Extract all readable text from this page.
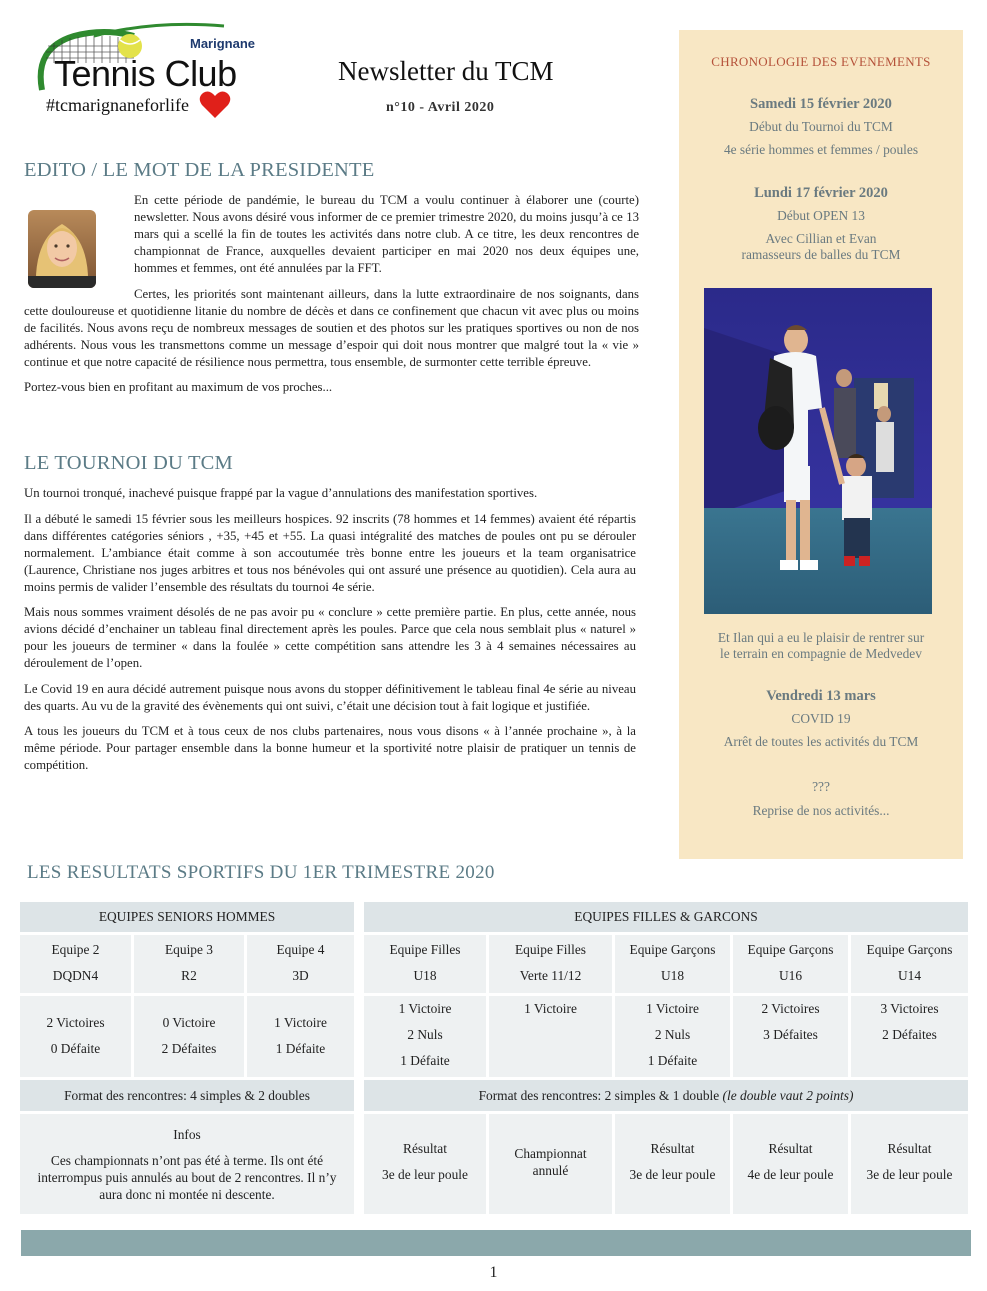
Marignane
Tennis Club
#tcmarignaneforlife
Newsletter du TCM
n°10 - Avril 2020
EDITO / LE MOT DE LA PRESIDENTE

En cette période de pandémie, le bureau du TCM a voulu continuer à élaborer une (courte) newsletter. Nous avons désiré vous informer de ce premier trimestre 2020, du moins jusqu’à ce 13 mars qui a scellé la fin de toutes les activités dans notre club. A ce titre, les deux rencontres de championnat de France, auxquelles devaient participer en mai 2020 nos deux équipes une, hommes et femmes, ont été annulées par la FFT.

Certes, les priorités sont maintenant ailleurs, dans la lutte extraordinaire de nos soignants, dans cette douloureuse et quotidienne litanie du nombre de décès et dans ce confinement que chacun vit avec plus ou moins de facilités. Nous avons reçu de nombreux messages de soutien et des photos sur les pratiques sportives ou non de nos adhérents. Nous vous les transmettons comme un message d’espoir qui doit nous montrer que malgré tout la « vie » continue et que notre capacité de résilience nous permettra, tous ensemble, de surmonter cette terrible épreuve.

Portez-vous bien en profitant au maximum de vos proches...

LE TOURNOI DU TCM

Un tournoi tronqué, inachevé puisque frappé par la vague d’annulations des manifestation sportives.

Il a débuté le samedi 15 février sous les meilleurs hospices. 92 inscrits (78 hommes et 14 femmes) avaient été répartis dans différentes catégories séniors , +35, +45 et +55. La quasi intégralité des matches de poules ont pu se dérouler normalement. L’ambiance était comme à son accoutumée très bonne entre les joueurs et la team organisatrice (Laurence, Christiane nos juges arbitres et tous nos bénévoles qui ont assuré une présence au quotidien). Cela aura au moins permis de valider l’ensemble des résultats du tournoi 4e série.

Mais nous sommes vraiment désolés de ne pas avoir pu « conclure » cette première partie. En plus, cette année, nous avions décidé d’enchainer un tableau final directement après les poules. Parce que cela nous semblait plus « naturel » pour les joueurs de terminer « dans la foulée » cette compétition sans attendre les 3 à 4 semaines nécessaires au déroulement de l’open.

Le Covid 19 en aura décidé autrement puisque nous avons du stopper définitivement le tableau final 4e série au niveau des quarts. Au vu de la gravité des évènements qui ont suivi, c’était une décision tout à fait logique et justifiée.

A tous les joueurs du TCM et à tous ceux de nos clubs partenaires, nous vous disons « à l’année prochaine », à la même période. Pour partager ensemble dans la bonne humeur et la sportivité notre plaisir de pratiquer un tennis de compétition.

CHRONOLOGIE DES EVENEMENTS
Samedi 15 février 2020
Début du Tournoi du TCM
4e série hommes et femmes / poules
Lundi 17 février 2020
Début OPEN 13
Avec Cillian et Evan
ramasseurs de balles du TCM
Et Ilan qui a eu le plaisir de rentrer sur
le terrain en compagnie de Medvedev
Vendredi 13 mars
COVID 19
Arrêt de toutes les activités du TCM
???
Reprise de nos activités...
LES RESULTATS SPORTIFS DU 1ER TRIMESTRE 2020
EQUIPES SENIORS HOMMES
Equipe 2
DQDN4
Equipe 3
R2
Equipe 4
3D
2 Victoires
0 Défaite
0 Victoire
2 Défaites
1 Victoire
1 Défaite
Format des rencontres: 4 simples & 2 doubles
Infos
Ces championnats n’ont pas été à terme. Ils ont été interrompus puis annulés au bout de 2 rencontres. Il n’y aura donc ni montée ni descente.
EQUIPES FILLES & GARCONS
Equipe Filles
U18
Equipe Filles
Verte 11/12
Equipe Garçons
U18
Equipe Garçons
U16
Equipe Garçons
U14
1 Victoire
2 Nuls
1 Défaite
1 Victoire	1 Victoire
2 Nuls
1 Défaite
2 Victoires
3 Défaites
3 Victoires
2 Défaites
Format des rencontres: 2 simples & 1 double (le double vaut 2 points)
Résultat
3e de leur poule
Championnat
annulé
Résultat
3e de leur poule
Résultat
4e de leur poule
Résultat
3e de leur poule
1
